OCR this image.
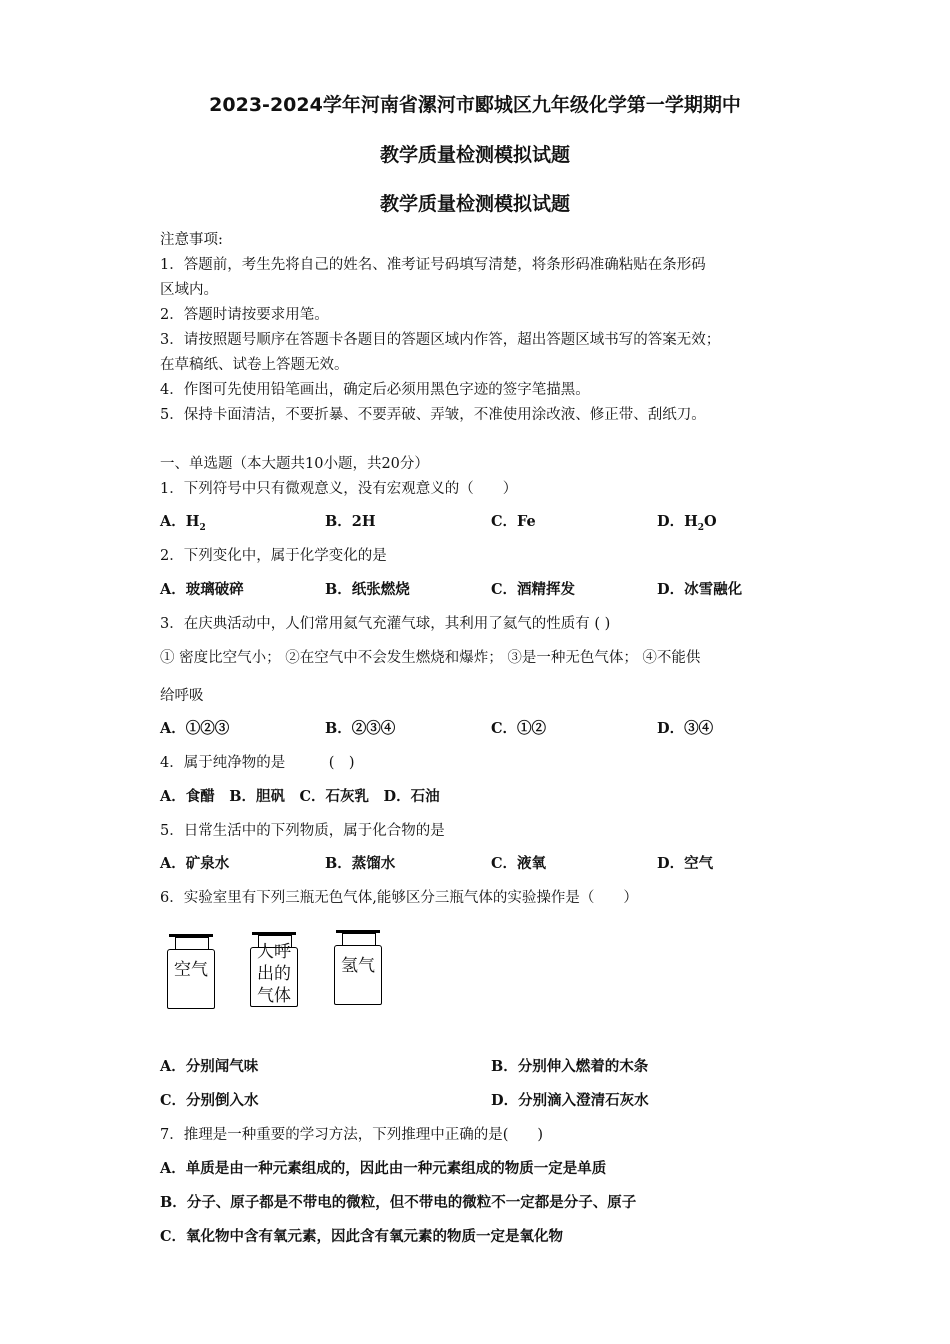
2023-2024学年河南省漯河市郾城区九年级化学第一学期期中
教学质量检测模拟试题
教学质量检测模拟试题
注意事项:
1．答题前，考生先将自己的姓名、准考证号码填写清楚，将条形码准确粘贴在条形码
区域内。
2．答题时请按要求用笔。
3．请按照题号顺序在答题卡各题目的答题区域内作答，超出答题区域书写的答案无效；
在草稿纸、试卷上答题无效。
4．作图可先使用铅笔画出，确定后必须用黑色字迹的签字笔描黑。
5．保持卡面清洁，不要折暴、不要弄破、弄皱，不准使用涂改液、修正带、刮纸刀。
一、单选题（本大题共10小题，共20分）
1．下列符号中只有微观意义，没有宏观意义的（　　）
A．$H_2$	B．2H	C．Fe	D．$H_2O$
2．下列变化中，属于化学变化的是
A．玻璃破碎	B．纸张燃烧	C．酒精挥发	D．冰雪融化
3．在庆典活动中，人们常用氦气充灌气球，其利用了氦气的性质有 ( )
① 密度比空气小； ②在空气中不会发生燃烧和爆炸； ③是一种无色气体； ④不能供
给呼吸
A．①②③	B．②③④	C．①②	D．③④
4．属于纯净物的是　　　(　)
A．食醋　B．胆矾　C．石灰乳　D．石油
5．日常生活中的下列物质，属于化合物的是
A．矿泉水	B．蒸馏水	C．液氧	D．空气
6．实验室里有下列三瓶无色气体,能够区分三瓶气体的实验操作是（　　）
空气
人呼出的气体
氢气
A．分别闻气味	B．分别伸入燃着的木条
C．分别倒入水	D．分别滴入澄清石灰水
7．推理是一种重要的学习方法，下列推理中正确的是(　　)
A．单质是由一种元素组成的，因此由一种元素组成的物质一定是单质
B．分子、原子都是不带电的微粒，但不带电的微粒不一定都是分子、原子
C．氧化物中含有氧元素，因此含有氧元素的物质一定是氧化物
